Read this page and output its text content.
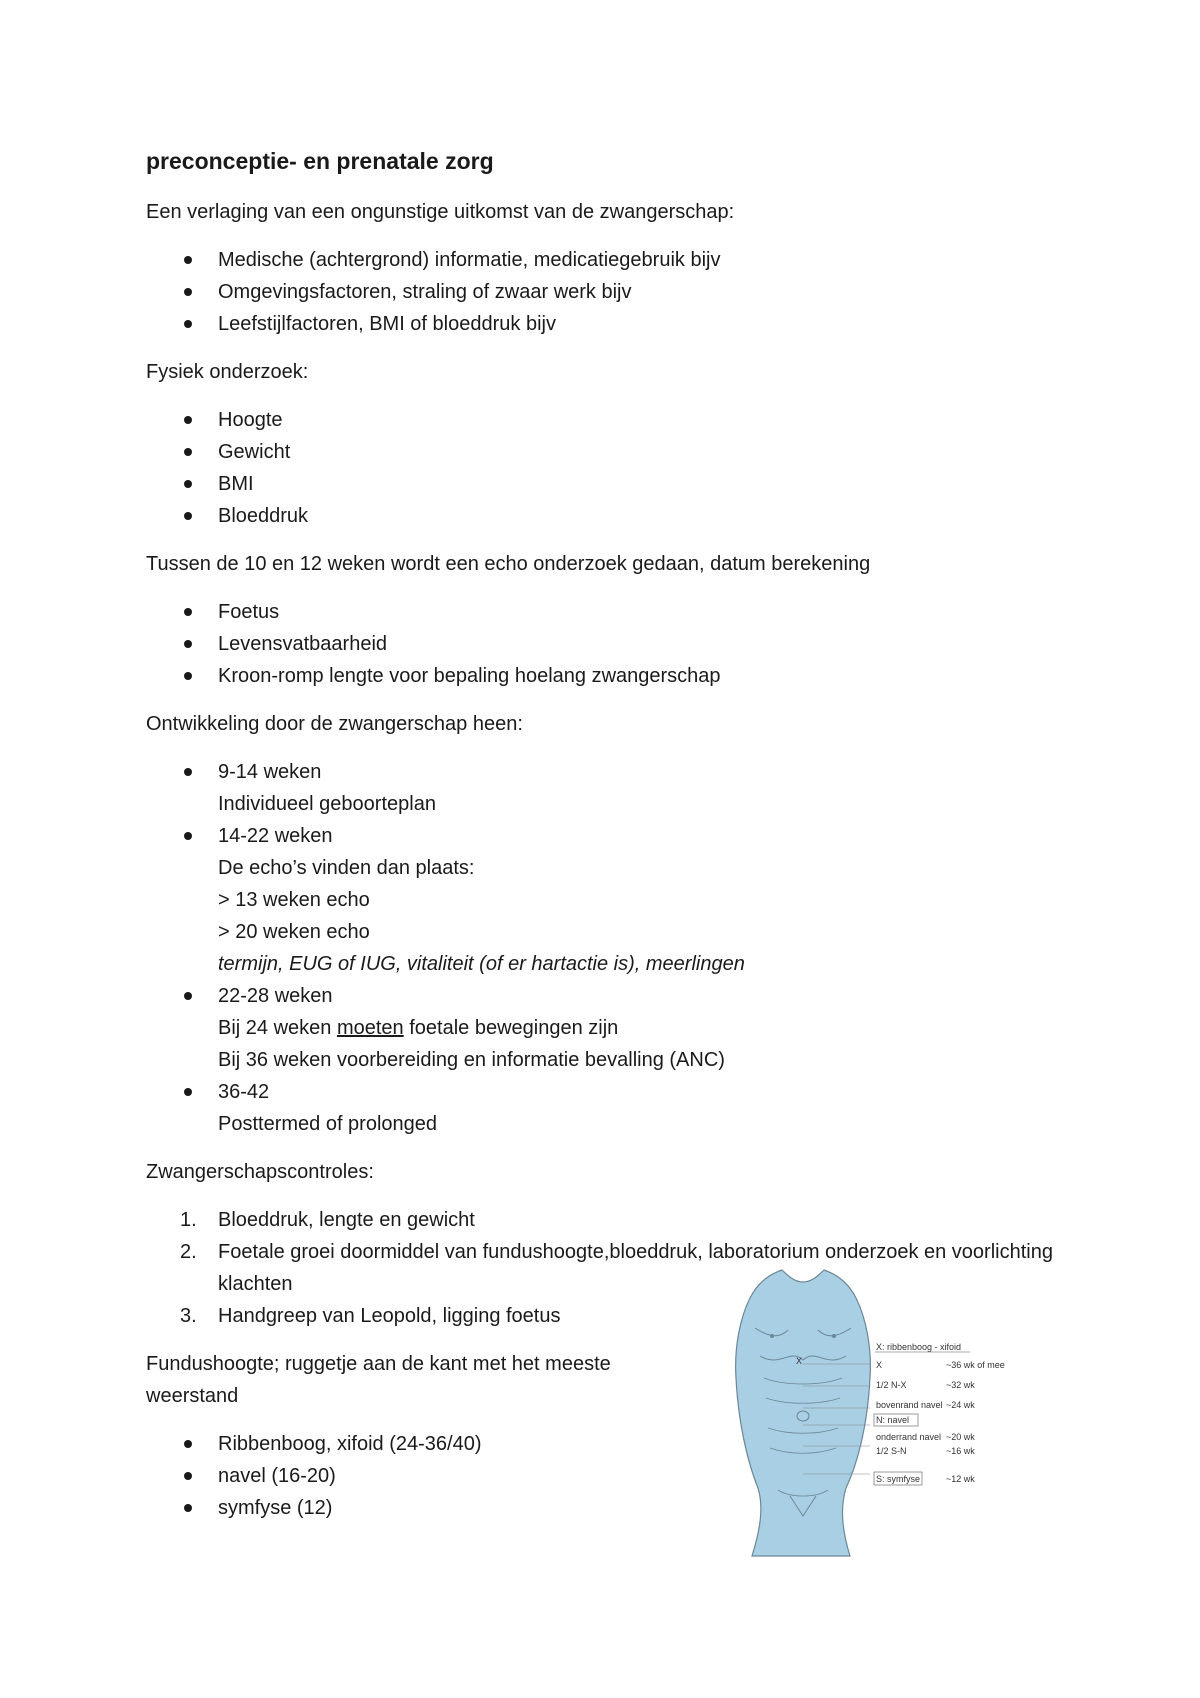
preconceptie- en prenatale zorg

Een verlaging van een ongunstige uitkomst van de zwangerschap:

Medische (achtergrond) informatie, medicatiegebruik bijv
Omgevingsfactoren, straling of zwaar werk bijv
Leefstijlfactoren, BMI of bloeddruk bijv

Fysiek onderzoek:

Hoogte
Gewicht
BMI
Bloeddruk

Tussen de 10 en 12 weken wordt een echo onderzoek gedaan, datum berekening

Foetus
Levensvatbaarheid
Kroon-romp lengte voor bepaling hoelang zwangerschap

Ontwikkeling door de zwangerschap heen:

9-14 weken
Individueel geboorteplan
14-22 weken
De echo’s vinden dan plaats:
> 13 weken echo
> 20 weken echo
termijn, EUG of IUG, vitaliteit (of er hartactie is), meerlingen
22-28 weken
Bij 24 weken moeten foetale bewegingen zijn
Bij 36 weken voorbereiding en informatie bevalling (ANC)
36-42
Posttermed of prolonged

Zwangerschapscontroles:

1. Bloeddruk, lengte en gewicht
2. Foetale groei doormiddel van fundushoogte,bloeddruk, laboratorium onderzoek en voorlichting klachten
3. Handgreep van Leopold, ligging foetus

Fundushoogte; ruggetje aan de kant met het meeste weerstand

Ribbenboog, xifoid (24-36/40)
navel (16-20)
symfyse (12)
X
X: ribbenboog - xifoid
X	~36 wk of mee
1/2 N-X	~32 wk
bovenrand navel ~24 wk
N: navel
onderrand navel ~20 wk
1/2 S-N	~16 wk
S: symfyse	~12 wk
